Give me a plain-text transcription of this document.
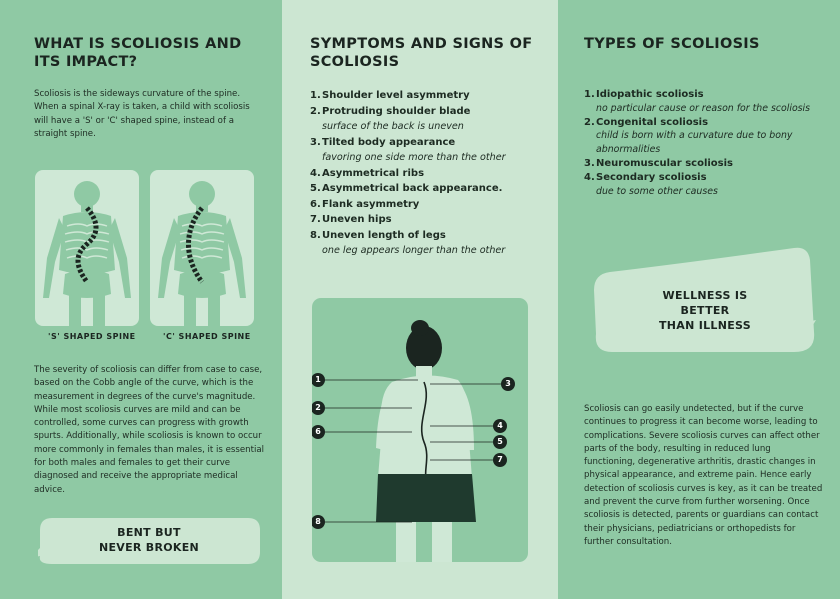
WHAT IS SCOLIOSIS AND ITS IMPACT?

Scoliosis is the sideways curvature of the spine. When a spinal X-ray is taken, a child with scoliosis will have a 'S' or 'C' shaped spine, instead of a straight spine.

'S' SHAPED SPINE	'C' SHAPED SPINE

The severity of scoliosis can differ from case to case, based on the Cobb angle of the curve, which is the measurement in degrees of the curve's magnitude. While most scoliosis curves are mild and can be controlled, some curves can progress with growth spurts. Additionally, while scoliosis is known to occur more commonly in females than males, it is essential for both males and females to get their curve diagnosed and receive the appropriate medical advice.

BENT BUT
NEVER BROKEN
SYMPTOMS AND SIGNS OF SCOLIOSIS
1.Shoulder level asymmetry
2.Protruding shoulder blade
surface of the back is uneven
3.Tilted body appearance
favoring one side more than the other
4.Asymmetrical ribs
5.Asymmetrical back appearance.
6.Flank asymmetry
7.Uneven hips
8.Uneven length of legs
one leg appears longer than the other
1
2
3
4
5
6
7
8
TYPES OF SCOLIOSIS
1.Idiopathic scoliosis
no particular cause or reason for the scoliosis
2.Congenital scoliosis
child is born with a curvature due to bony abnormalities
3.Neuromuscular scoliosis
4.Secondary scoliosis
due to some other causes
WELLNESS IS
BETTER
THAN ILLNESS

Scoliosis can go easily undetected, but if the curve continues to progress it can become worse, leading to complications. Severe scoliosis curves can affect other parts of the body, resulting in reduced lung functioning, degenerative arthritis, drastic changes in physical appearance, and extreme pain. Hence early detection of scoliosis curves is key, as it can be treated and prevent the curve from further worsening. Once scoliosis is detected, parents or guardians can contact their physicians, pediatricians or orthopedists for further consultation.
